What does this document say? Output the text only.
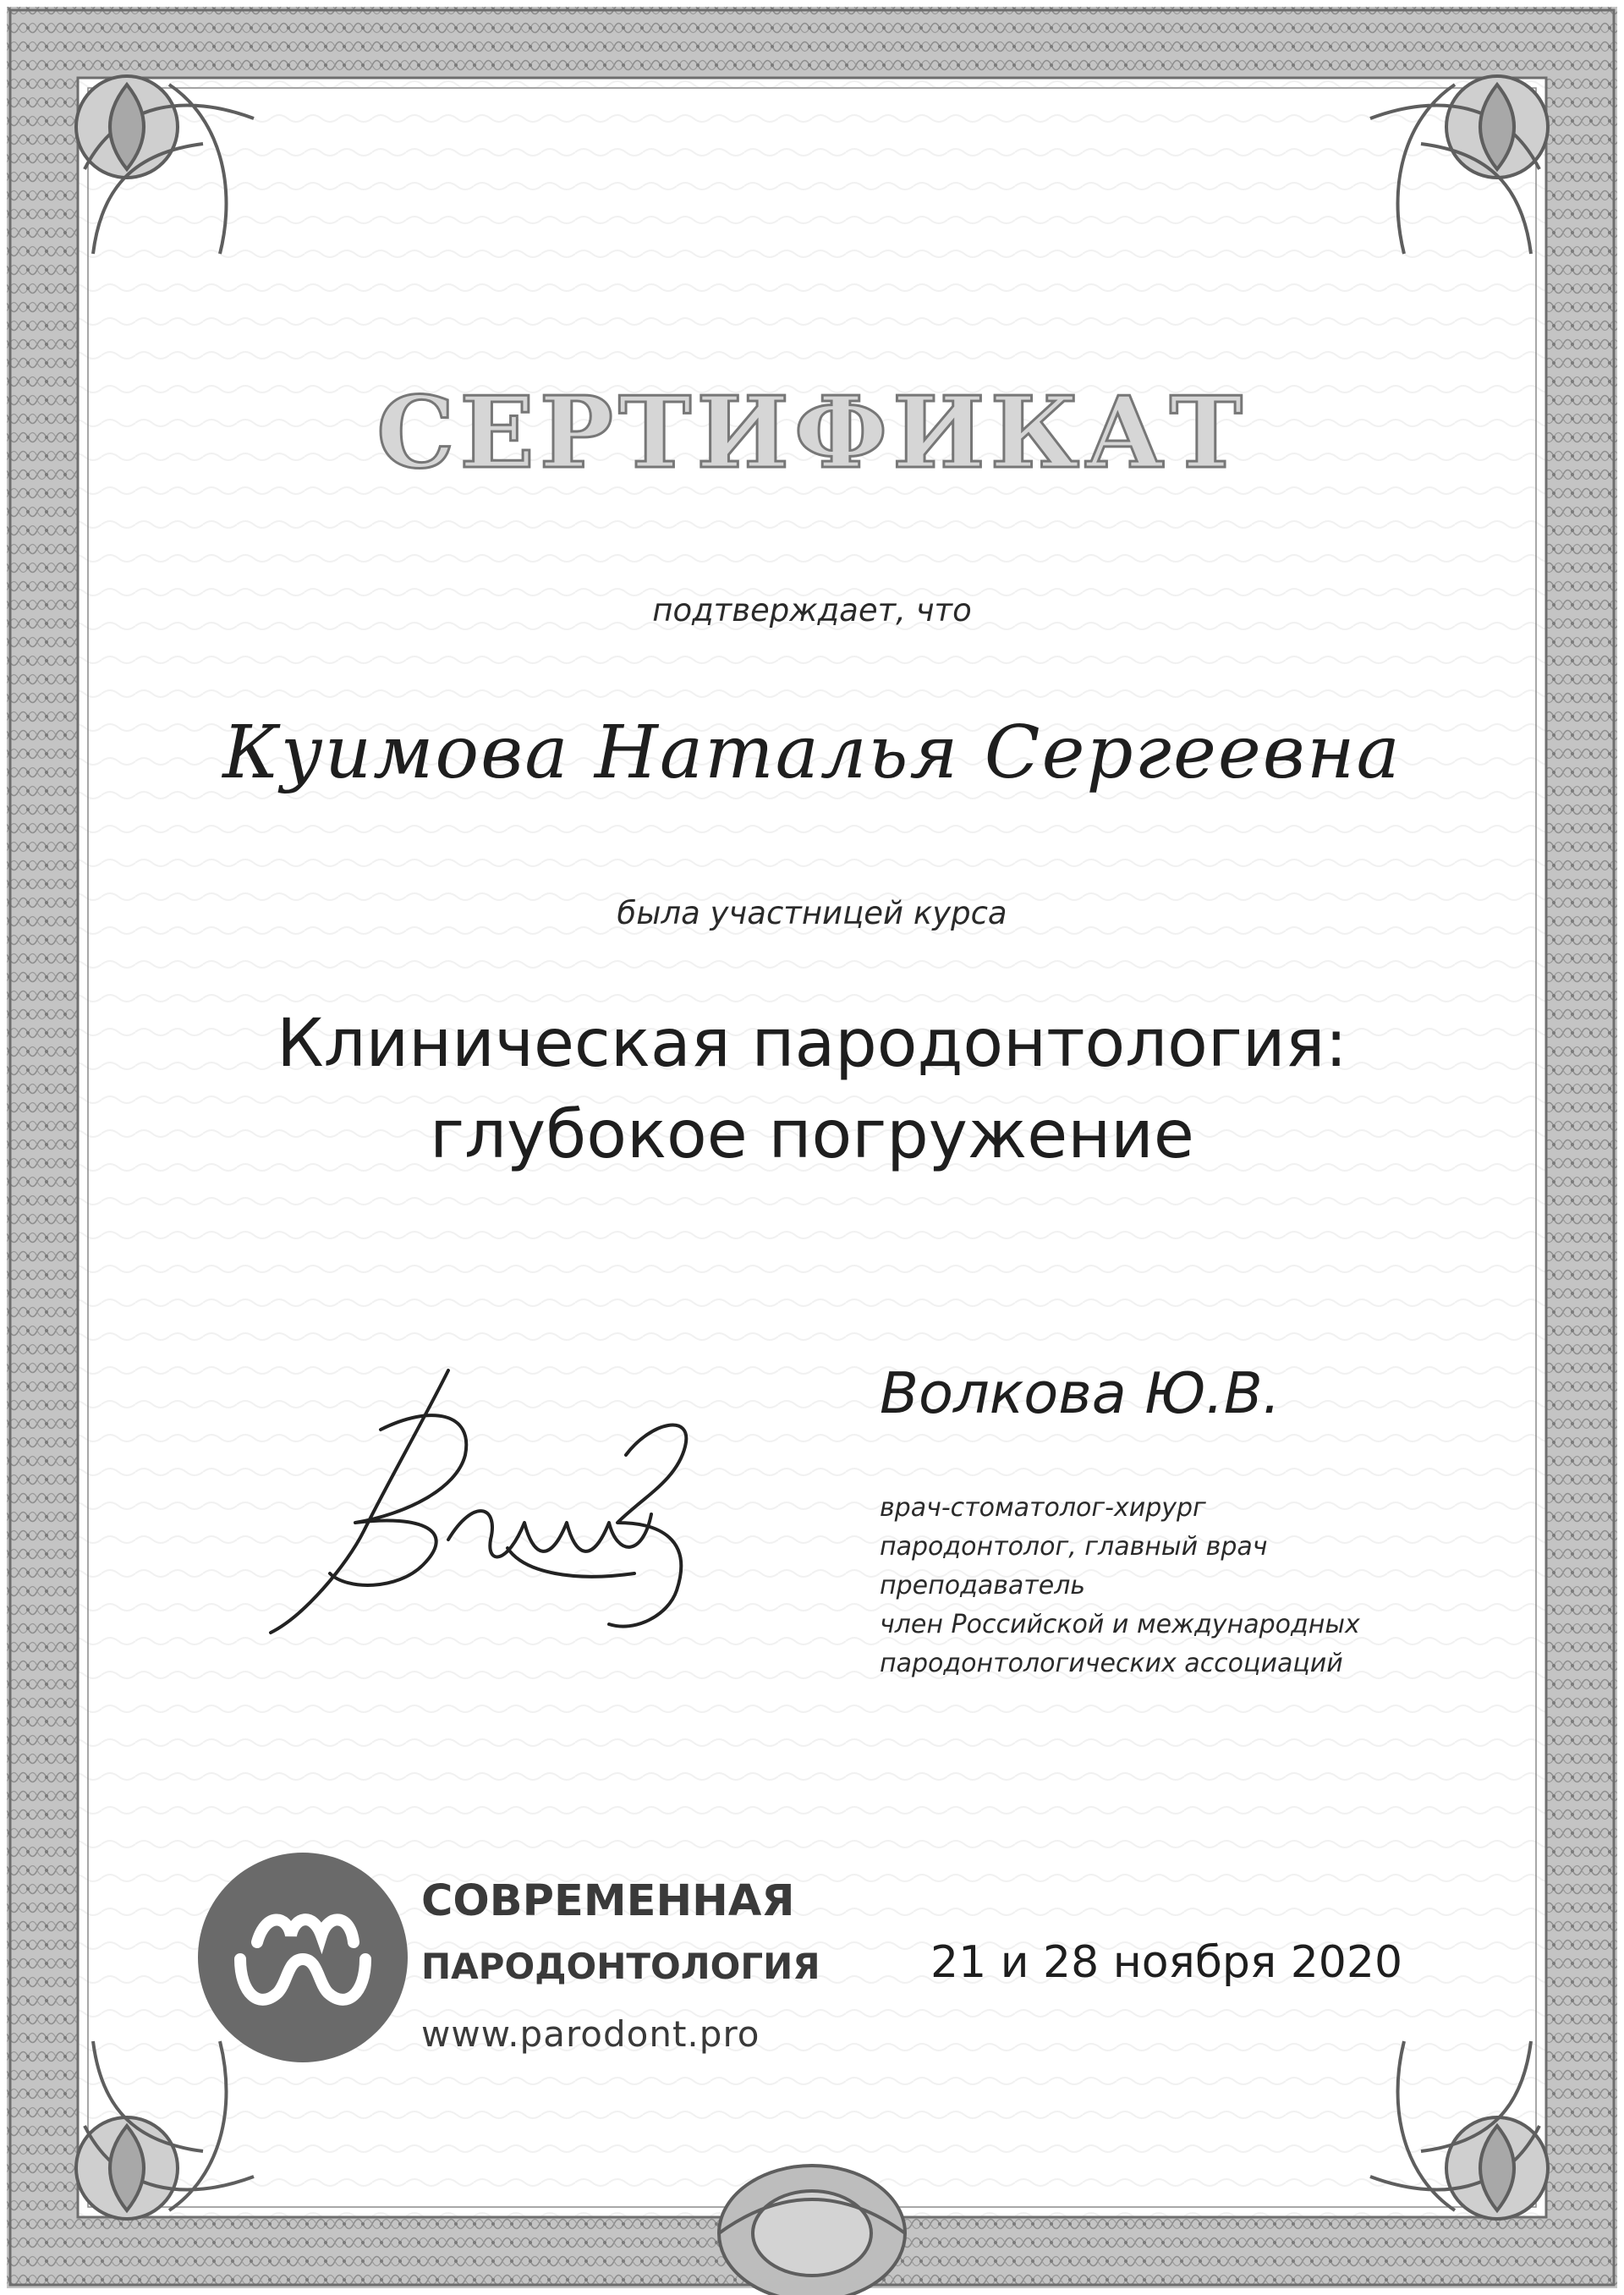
СЕРТИФИКАТ
подтверждает, что
Куимова Наталья Сергеевна
была участницей курса
Клиническая пародонтология:
глубокое погружение
Волкова Ю.В.
врач-стоматолог-хирург
пародонтолог, главный врач
преподаватель
член Российской и международных
пародонтологических ассоциаций
СОВРЕМЕННАЯ
ПАРОДОНТОЛОГИЯ
www.parodont.pro
21 и 28 ноября 2020
